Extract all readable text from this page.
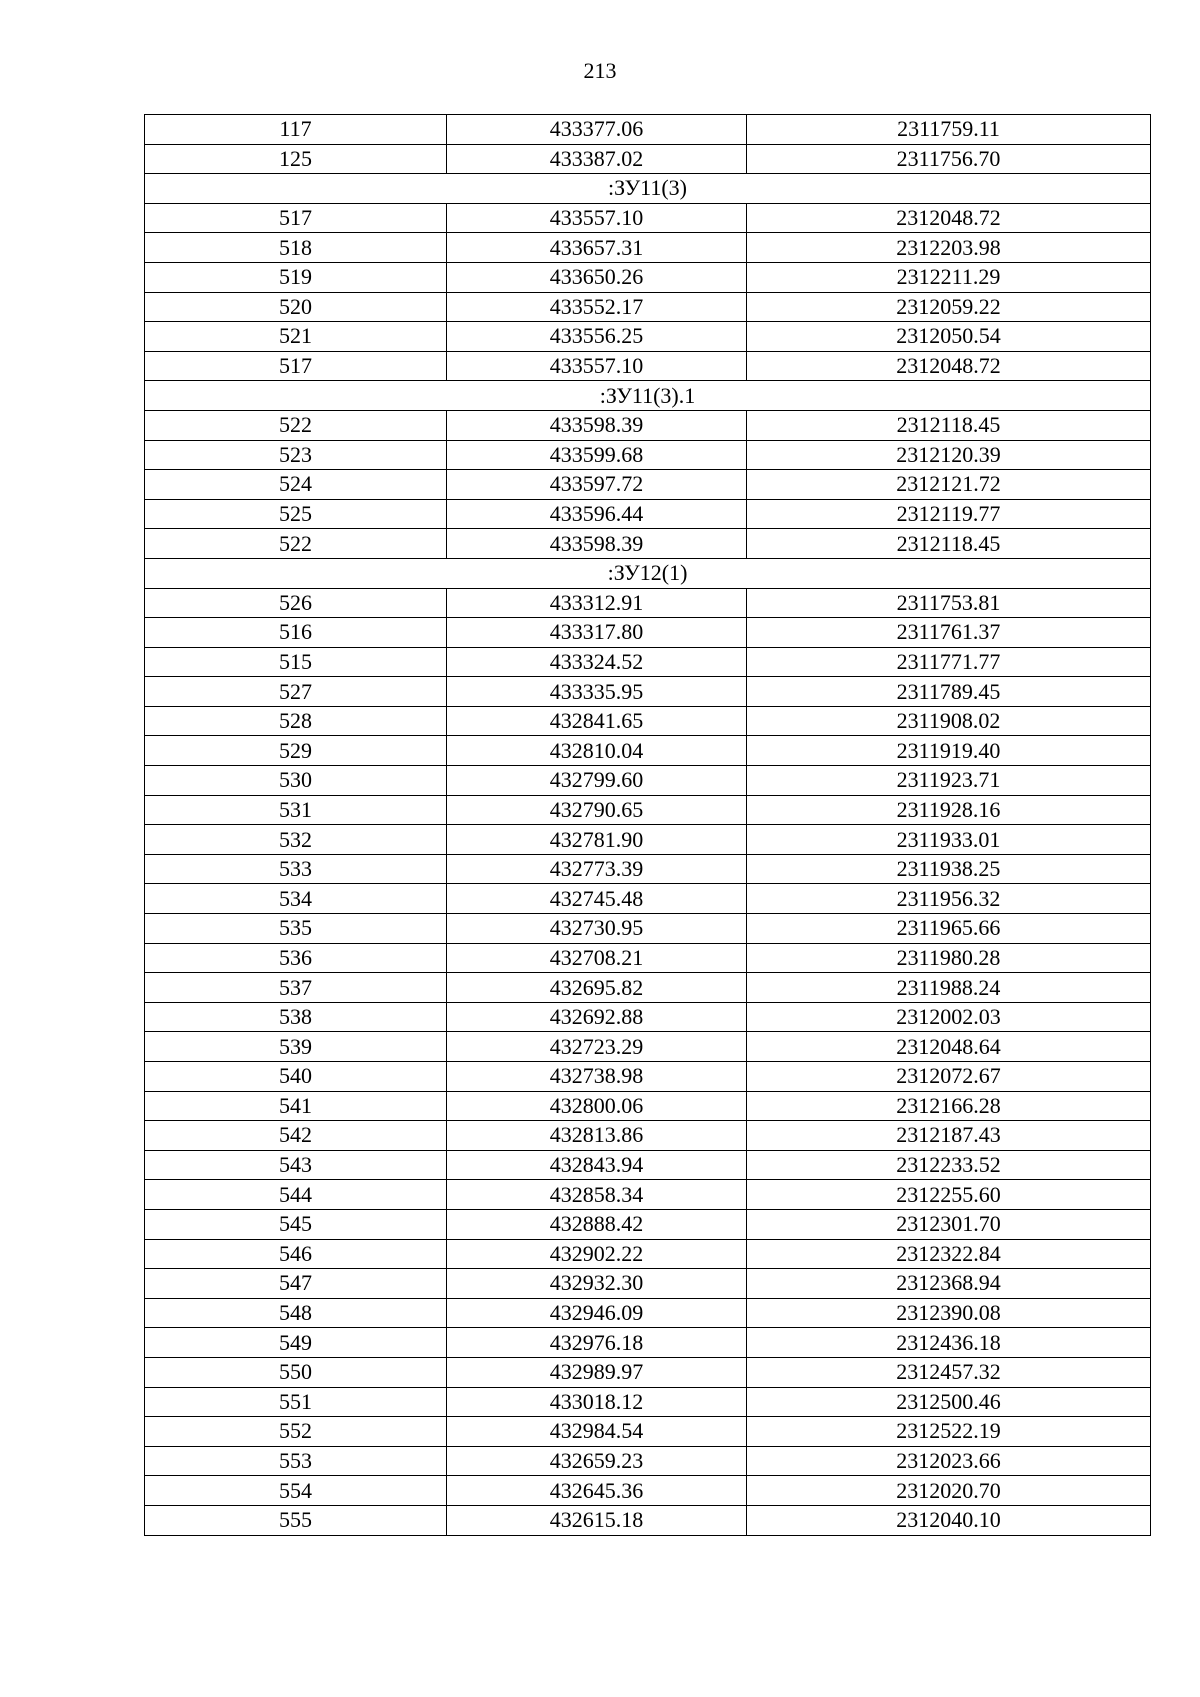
213
117	433377.06	2311759.11
125	433387.02	2311756.70
:ЗУ11(3)		
517	433557.10	2312048.72
518	433657.31	2312203.98
519	433650.26	2312211.29
520	433552.17	2312059.22
521	433556.25	2312050.54
517	433557.10	2312048.72
:ЗУ11(3).1		
522	433598.39	2312118.45
523	433599.68	2312120.39
524	433597.72	2312121.72
525	433596.44	2312119.77
522	433598.39	2312118.45
:ЗУ12(1)		
526	433312.91	2311753.81
516	433317.80	2311761.37
515	433324.52	2311771.77
527	433335.95	2311789.45
528	432841.65	2311908.02
529	432810.04	2311919.40
530	432799.60	2311923.71
531	432790.65	2311928.16
532	432781.90	2311933.01
533	432773.39	2311938.25
534	432745.48	2311956.32
535	432730.95	2311965.66
536	432708.21	2311980.28
537	432695.82	2311988.24
538	432692.88	2312002.03
539	432723.29	2312048.64
540	432738.98	2312072.67
541	432800.06	2312166.28
542	432813.86	2312187.43
543	432843.94	2312233.52
544	432858.34	2312255.60
545	432888.42	2312301.70
546	432902.22	2312322.84
547	432932.30	2312368.94
548	432946.09	2312390.08
549	432976.18	2312436.18
550	432989.97	2312457.32
551	433018.12	2312500.46
552	432984.54	2312522.19
553	432659.23	2312023.66
554	432645.36	2312020.70
555	432615.18	2312040.10
